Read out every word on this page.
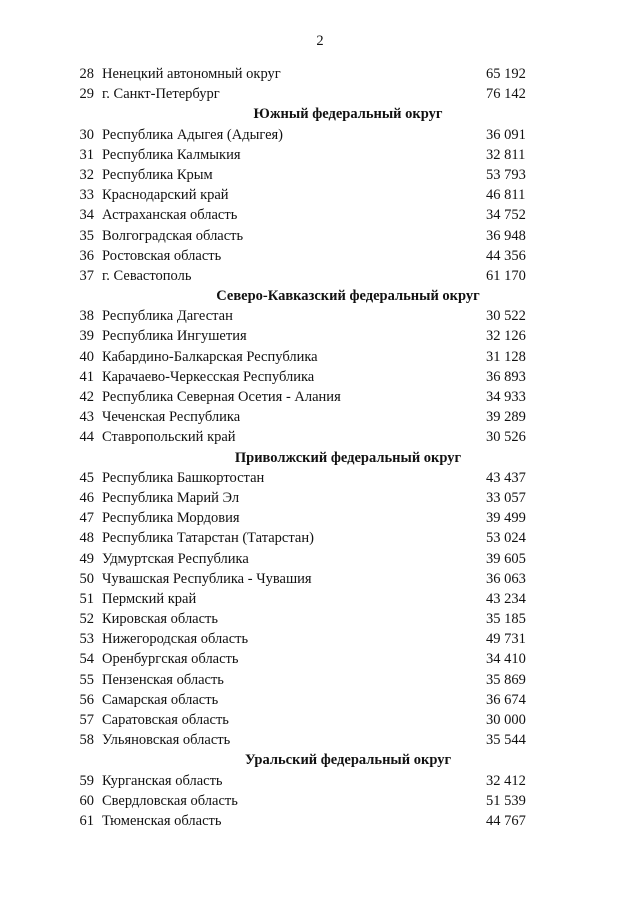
2
28 Ненецкий автономный округ	65 192
29 г. Санкт-Петербург	76 142
Южный федеральный округ
30 Республика Адыгея (Адыгея)	36 091
31 Республика Калмыкия	32 811
32 Республика Крым	53 793
33 Краснодарский край	46 811
34 Астраханская область	34 752
35 Волгоградская область	36 948
36 Ростовская область	44 356
37 г. Севастополь	61 170
Северо-Кавказский федеральный округ
38 Республика Дагестан	30 522
39 Республика Ингушетия	32 126
40 Кабардино-Балкарская Республика	31 128
41 Карачаево-Черкесская Республика	36 893
42 Республика Северная Осетия - Алания	34 933
43 Чеченская Республика	39 289
44 Ставропольский край	30 526
Приволжский федеральный округ
45 Республика Башкортостан	43 437
46 Республика Марий Эл	33 057
47 Республика Мордовия	39 499
48 Республика Татарстан (Татарстан)	53 024
49 Удмуртская Республика	39 605
50 Чувашская Республика - Чувашия	36 063
51 Пермский край	43 234
52 Кировская область	35 185
53 Нижегородская область	49 731
54 Оренбургская область	34 410
55 Пензенская область	35 869
56 Самарская область	36 674
57 Саратовская область	30 000
58 Ульяновская область	35 544
Уральский федеральный округ
59 Курганская область	32 412
60 Свердловская область	51 539
61 Тюменская область	44 767
